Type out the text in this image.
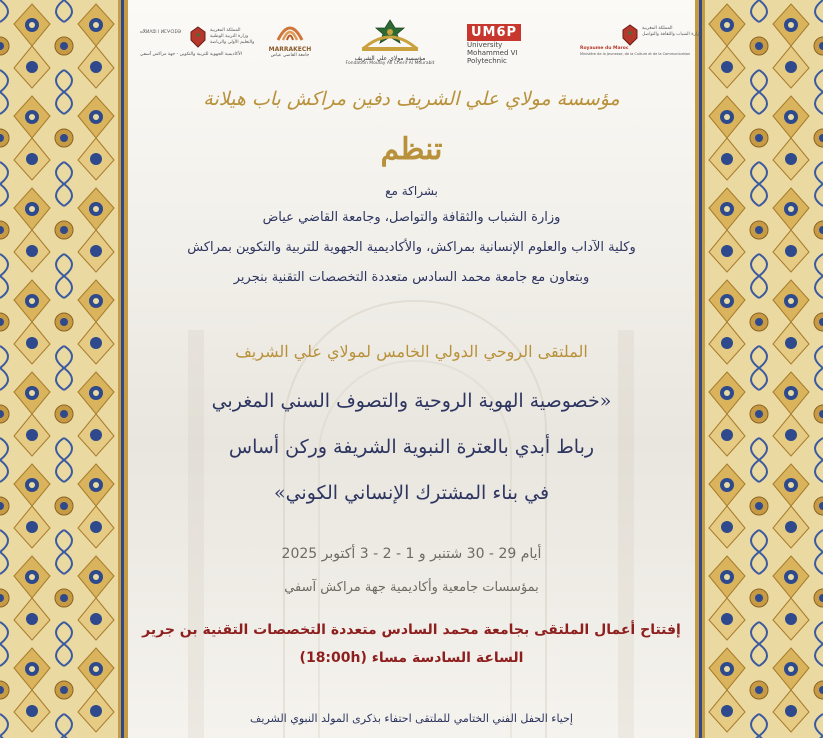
ⴰⴳⵍⴷⵓⵏ ⵏ ⵍⵎⵖⵔⵉⴱ	المملكة المغربية
وزارة التربية الوطنية
والتعليم الأولي والرياضة
الأكاديمية الجهوية للتربية والتكوين - جهة مراكش آسفي
MARRAKECH
جامعة القاضي عياض	مؤسسة مولاي علي الشريف
Fondation Moulay Ali Cherif Al Mourabit
UM6P
University
Mohammed VI
Polytechnic
المملكة المغربية
وزارة الشباب والثقافة والتواصل
Royaume du Maroc
Ministère de la Jeunesse, de la Culture et de la Communication
مؤسسة مولاي علي الشريف دفين مراكش باب هيلانة
تنظم
بشراكة مع
وزارة الشباب والثقافة والتواصل، وجامعة القاضي عياض
وكلية الآداب والعلوم الإنسانية بمراكش، والأكاديمية الجهوية للتربية والتكوين بمراكش
وبتعاون مع جامعة محمد السادس متعددة التخصصات التقنية بنجرير
الملتقى الروحي الدولي الخامس لمولاي علي الشريف
«خصوصية الهوية الروحية والتصوف السني المغربي
رباط أبدي بالعترة النبوية الشريفة وركن أساس
في بناء المشترك الإنساني الكوني»
أيام 29 - 30 شتنبر و 1 - 2 - 3 أكتوبر 2025
بمؤسسات جامعية وأكاديمية جهة مراكش آسفي
إفتتاح أعمال الملتقى بجامعة محمد السادس متعددة التخصصات التقنية بن جرير
الساعة السادسة مساء (18:00h)
إحياء الحفل الفني الختامي للملتقى احتفاء بذكرى المولد النبوي الشريف
